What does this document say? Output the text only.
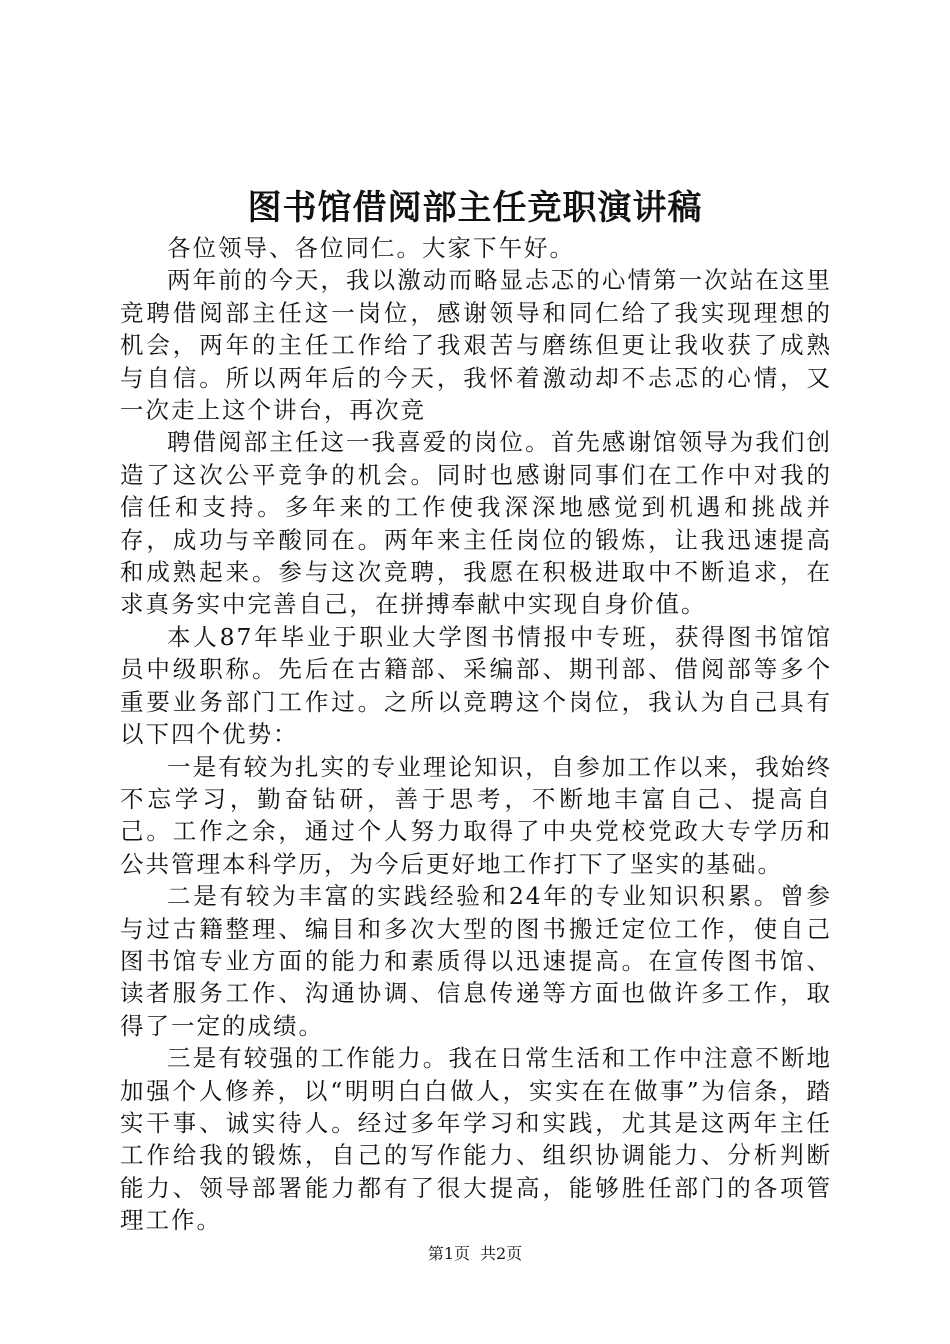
图书馆借阅部主任竞职演讲稿

各位领导、各位同仁。大家下午好。

两年前的今天，我以激动而略显忐忑的心情第一次站在这里竞聘借阅部主任这一岗位，感谢领导和同仁给了我实现理想的机会，两年的主任工作给了我艰苦与磨练但更让我收获了成熟与自信。所以两年后的今天，我怀着激动却不忐忑的心情，又一次走上这个讲台，再次竞

聘借阅部主任这一我喜爱的岗位。首先感谢馆领导为我们创造了这次公平竞争的机会。同时也感谢同事们在工作中对我的信任和支持。多年来的工作使我深深地感觉到机遇和挑战并存，成功与辛酸同在。两年来主任岗位的锻炼，让我迅速提高和成熟起来。参与这次竞聘，我愿在积极进取中不断追求，在求真务实中完善自己，在拼搏奉献中实现自身价值。

本人87年毕业于职业大学图书情报中专班，获得图书馆馆员中级职称。先后在古籍部、采编部、期刊部、借阅部等多个重要业务部门工作过。之所以竞聘这个岗位，我认为自己具有以下四个优势：

一是有较为扎实的专业理论知识，自参加工作以来，我始终不忘学习，勤奋钻研，善于思考，不断地丰富自己、提高自己。工作之余，通过个人努力取得了中央党校党政大专学历和公共管理本科学历，为今后更好地工作打下了坚实的基础。

二是有较为丰富的实践经验和24年的专业知识积累。曾参与过古籍整理、编目和多次大型的图书搬迁定位工作，使自己图书馆专业方面的能力和素质得以迅速提高。在宣传图书馆、读者服务工作、沟通协调、信息传递等方面也做许多工作，取得了一定的成绩。

三是有较强的工作能力。我在日常生活和工作中注意不断地加强个人修养，以“明明白白做人，实实在在做事”为信条，踏实干事、诚实待人。经过多年学习和实践，尤其是这两年主任工作给我的锻炼，自己的写作能力、组织协调能力、分析判断能力、领导部署能力都有了很大提高，能够胜任部门的各项管理工作。

第1页 共2页
